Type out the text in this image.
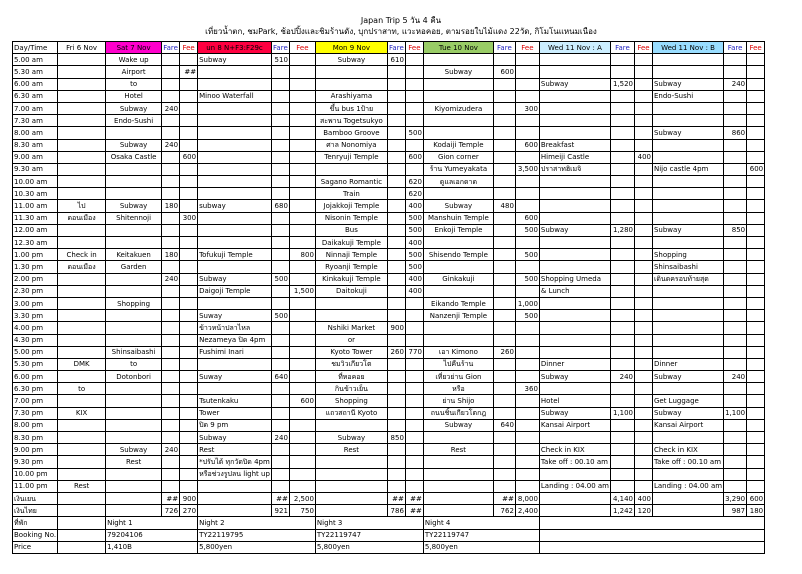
Japan Trip 5 วัน 4 คืน
เที่ยวน้ำตก, ชมPark, ช้อปปิ้งและชิมร้านดัง, บุกปราสาท, แวะหอคอย, ตามรอยใบไม้แดง 22วัด, กิโมโนแหนมเนือง
Day/Time	Fri 6 Nov	Sat 7 Nov	Fare	Fee	un 8 N+F3:F29c	Fare	Fee	Mon 9 Nov	Fare	Fee	Tue 10 Nov	Fare	Fee	Wed 11 Nov : A	Fare	Fee	Wed 11 Nov : B	Fare	Fee
5.00 am		Wake up			Subway	510		Subway	610										
5.30 am		Airport		##							Subway	600							
6.00 am		to												Subway	1,520		Subway	240	
6.30 am		Hotel			Minoo Waterfall			Arashiyama									Endo-Sushi		
7.00 am		Subway	240					ขึ้น bus 1ป้าย			Kiyomizudera		300						
7.30 am		Endo-Sushi						สะพาน Togetsukyo											
8.00 am								Bamboo Groove		500							Subway	860	
8.30 am		Subway	240					ศาล Nonomiya			Kodaiji Temple		600	Breakfast					
9.00 am		Osaka Castle		600				Tenryuji Temple		600	Gion corner			Himeiji Castle		400			
9.30 am											ร้าน Yumeyakata		3,500	ปราสาทฮิเมจิ			Nijo castle 4pm		600
10.00 am								Sagano Romantic		620	ดูแลเอกดาด								
10.30 am								Train		620									
11.00 am	ไป	Subway	180		subway	680		Jojakkoji Temple		400	Subway	480							
11.30 am	ดอนเมือง	Shitennoji		300				Nisonin Temple		500	Manshuin Temple		600						
12.00 am								Bus		500	Enkoji Temple		500	Subway	1,280		Subway	850	
12.30 am								Daikakuji Temple		400									
1.00 pm	Check in	Keitakuen	180		Tofukuji Temple		800	Ninnaji Temple		500	Shisendo Temple		500				Shopping		
1.30 pm	ดอนเมือง	Garden						Ryoanji Temple		500							Shinsaibashi		
2.00 pm			240		Subway	500		Kinkakuji Temple		400	Ginkakuji		500	Shopping Umeda			เดินดครอบท้ายสุด		
2.30 pm					Daigoji Temple		1,500	Daitokuji		400				& Lunch					
3.00 pm		Shopping									Eikando Temple		1,000						
3.30 pm					Suway	500					Nanzenji Temple		500						
4.00 pm					ข้าวหน้าปลาไหล			Nshiki Market	900										
4.30 pm					Nezameya ปิด 4pm			or											
5.00 pm		Shinsaibashi			Fushimi Inari			Kyoto Tower	260	770	เอา Kimono	260							
5.30 pm	DMK	to						ชมวิวเกียวโต			ไปคืนร้าน			Dinner			Dinner		
6.00 pm		Dotonbori			Suway	640		ที่หอคอย			เที่ยวย่าน Gion			Subway	240		Subway	240	
6.30 pm	to							กินข้าวเย็น			หรือ		360						
7.00 pm					Tsutenkaku		600	Shopping			ย่าน Shijo			Hotel			Get Luggage		
7.30 pm	KIX				Tower			แถวสถานี Kyoto			ถนนชิ้นเกียวโตกฎ			Subway	1,100		Subway	1,100	
8.00 pm					ปิด 9 pm						Subway	640		Kansai Airport			Kansai Airport		
8.30 pm					Subway	240		Subway	850										
9.00 pm		Subway	240		Rest			Rest			Rest			Check in KIX			Check in KIX		
9.30 pm		Rest			*ปรับได้ ทุกวัดปิด 4pm									Take off : 00.10 am			Take off : 00.10 am		
10.00 pm					หรือช่วงรูปลน light up														
11.00 pm	Rest													Landing : 04.00 am			Landing : 04.00 am		
เงินเยน			##	900		##	2,500		##	##		##	8,000		4,140	400		3,290	600
เงินไทย			726	270		921	750		786	##		762	2,400		1,242	120		987	180
ที่พัก		Night 1			Night 2			Night 3			Night 4								
Booking No.		79204106			TY22119795			TY22119747			TY22119747								
Price		1,410B			5,800yen			5,800yen			5,800yen								
